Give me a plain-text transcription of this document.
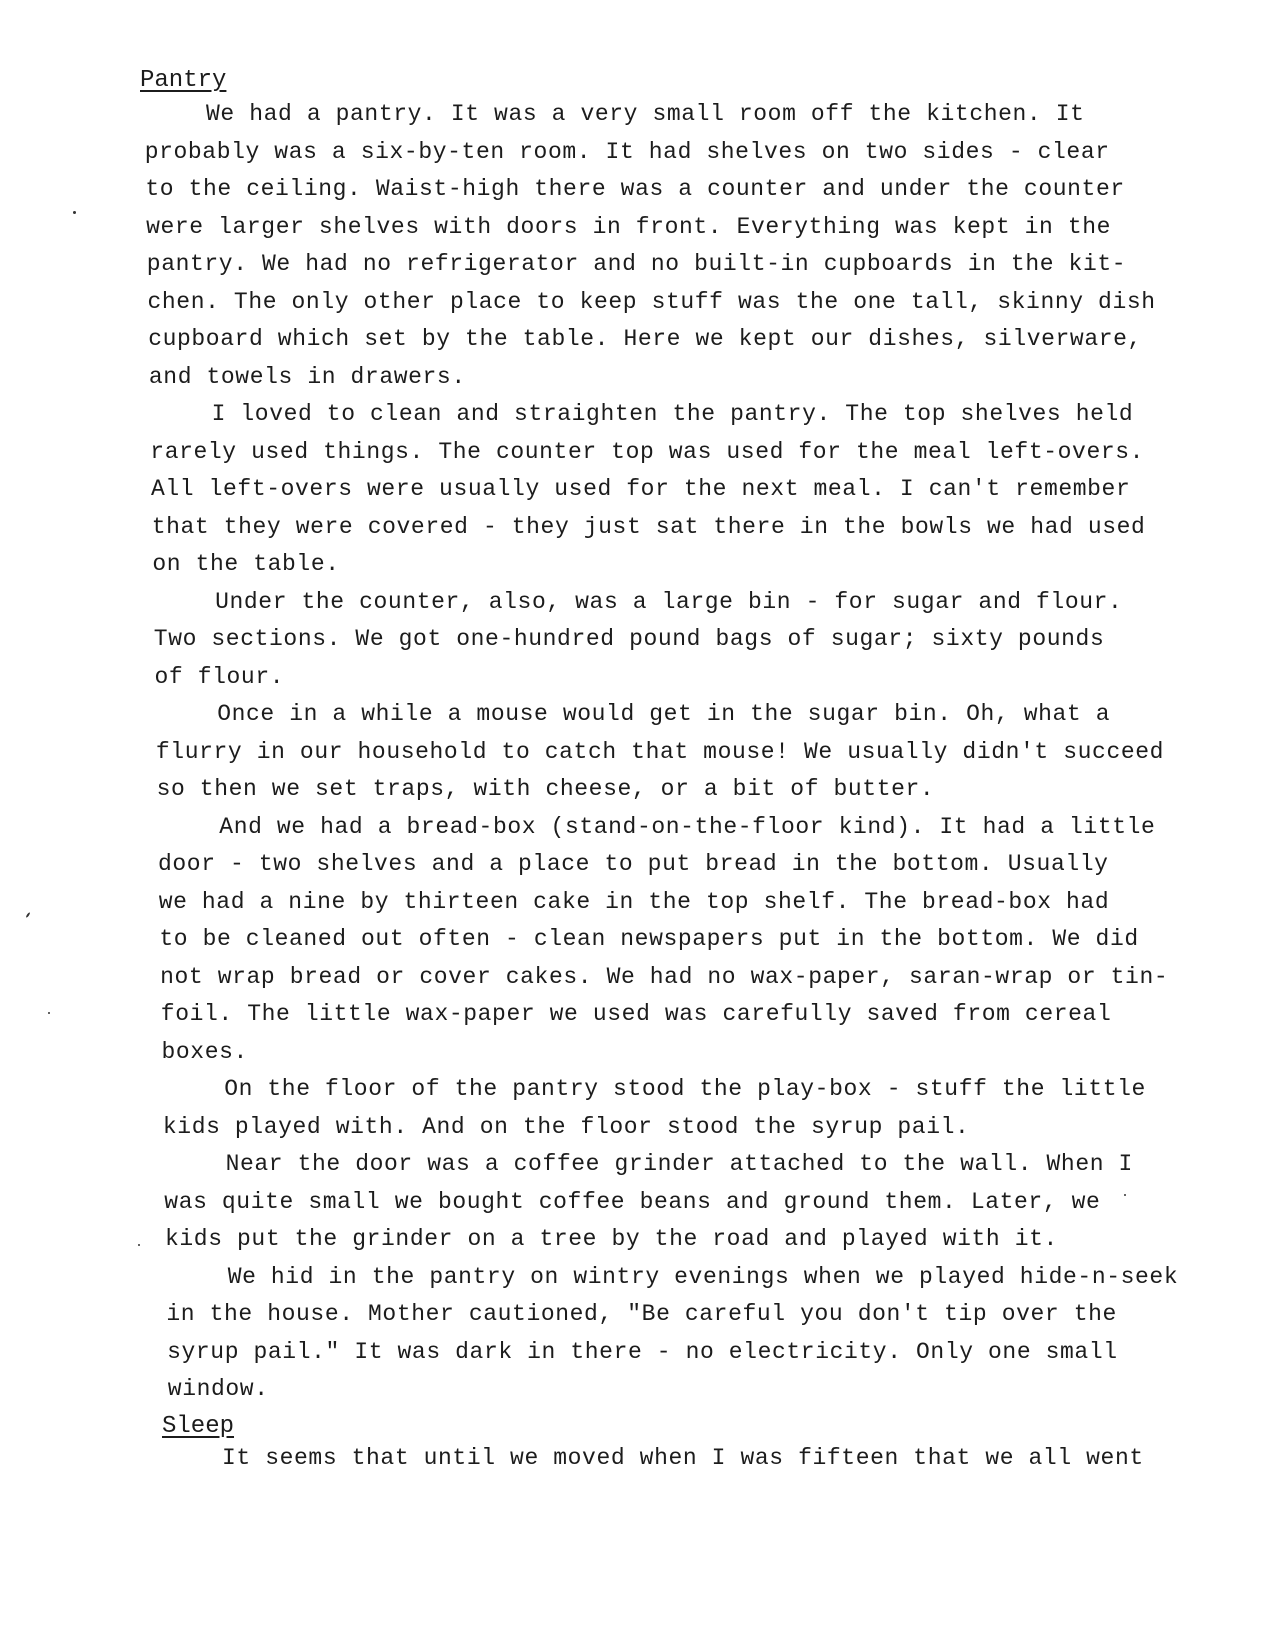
Pantry
We had a pantry. It was a very small room off the kitchen. It
probably was a six-by-ten room. It had shelves on two sides - clear
to the ceiling. Waist-high there was a counter and under the counter
were larger shelves with doors in front. Everything was kept in the
pantry. We had no refrigerator and no built-in cupboards in the kit-
chen. The only other place to keep stuff was the one tall, skinny dish
cupboard which set by the table. Here we kept our dishes, silverware,
and towels in drawers.
I loved to clean and straighten the pantry. The top shelves held
rarely used things. The counter top was used for the meal left-overs.
All left-overs were usually used for the next meal. I can't remember
that they were covered - they just sat there in the bowls we had used
on the table.
Under the counter, also, was a large bin - for sugar and flour.
Two sections. We got one-hundred pound bags of sugar; sixty pounds
of flour.
Once in a while a mouse would get in the sugar bin. Oh, what a
flurry in our household to catch that mouse! We usually didn't succeed
so then we set traps, with cheese, or a bit of butter.
And we had a bread-box (stand-on-the-floor kind). It had a little
door - two shelves and a place to put bread in the bottom. Usually
we had a nine by thirteen cake in the top shelf. The bread-box had
to be cleaned out often - clean newspapers put in the bottom. We did
not wrap bread or cover cakes. We had no wax-paper, saran-wrap or tin-
foil. The little wax-paper we used was carefully saved from cereal
boxes.
On the floor of the pantry stood the play-box - stuff the little
kids played with. And on the floor stood the syrup pail.
Near the door was a coffee grinder attached to the wall. When I
was quite small we bought coffee beans and ground them. Later, we
kids put the grinder on a tree by the road and played with it.
We hid in the pantry on wintry evenings when we played hide-n-seek
in the house. Mother cautioned, "Be careful you don't tip over the
syrup pail." It was dark in there - no electricity. Only one small
window.
Sleep
It seems that until we moved when I was fifteen that we all went
